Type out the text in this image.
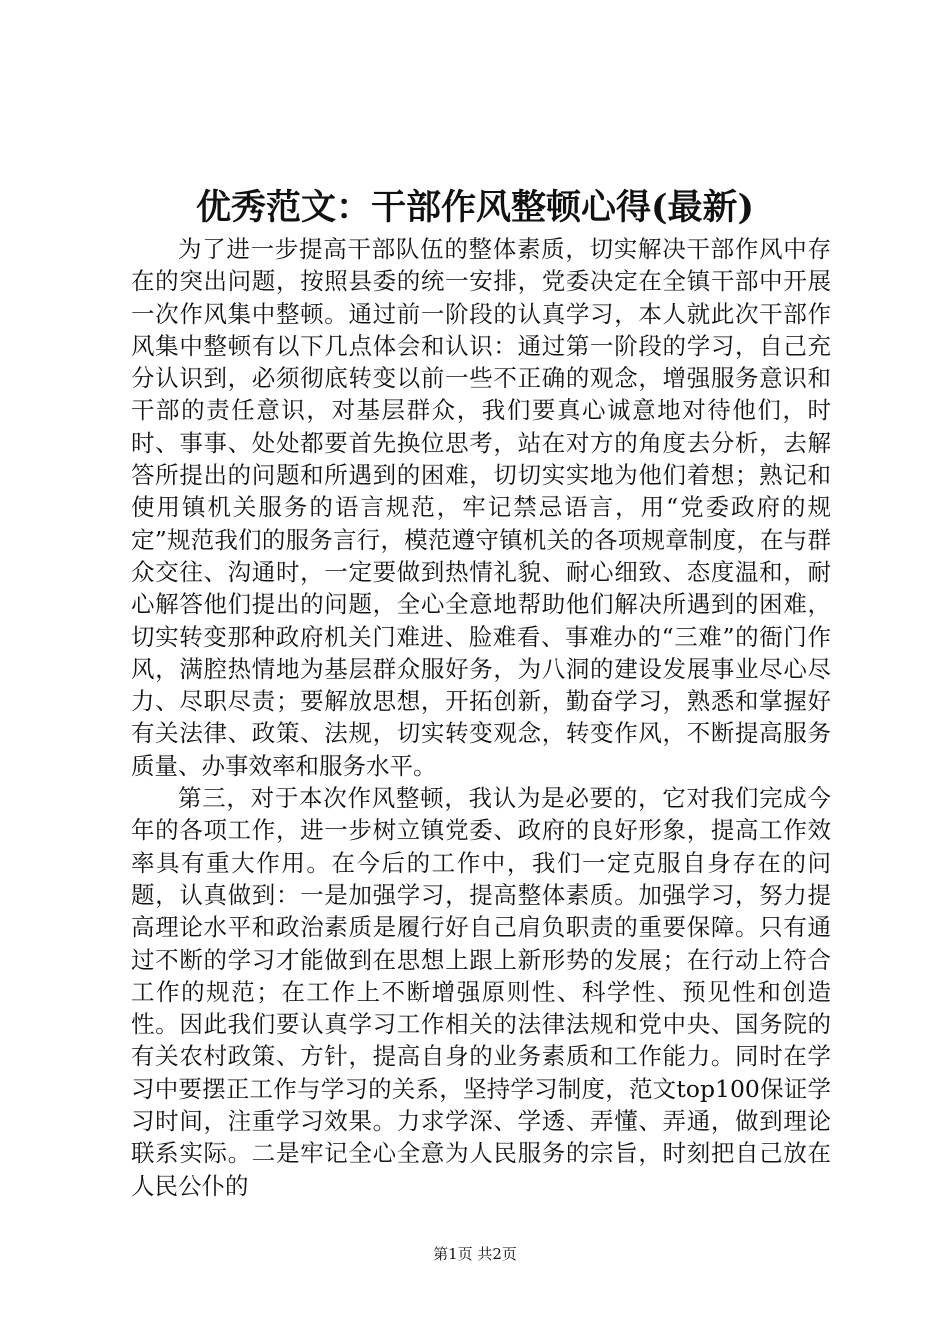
优秀范文：干部作风整顿心得(最新)

为了进一步提高干部队伍的整体素质，切实解决干部作风中存在的突出问题，按照县委的统一安排，党委决定在全镇干部中开展一次作风集中整顿。通过前一阶段的认真学习，本人就此次干部作风集中整顿有以下几点体会和认识：通过第一阶段的学习，自己充分认识到，必须彻底转变以前一些不正确的观念，增强服务意识和干部的责任意识，对基层群众，我们要真心诚意地对待他们，时时、事事、处处都要首先换位思考，站在对方的角度去分析，去解答所提出的问题和所遇到的困难，切切实实地为他们着想；熟记和使用镇机关服务的语言规范，牢记禁忌语言，用“党委政府的规定”规范我们的服务言行，模范遵守镇机关的各项规章制度，在与群众交往、沟通时，一定要做到热情礼貌、耐心细致、态度温和，耐心解答他们提出的问题，全心全意地帮助他们解决所遇到的困难，切实转变那种政府机关门难进、脸难看、事难办的“三难”的衙门作风，满腔热情地为基层群众服好务，为八洞的建设发展事业尽心尽力、尽职尽责；要解放思想，开拓创新，勤奋学习，熟悉和掌握好有关法律、政策、法规，切实转变观念，转变作风，不断提高服务质量、办事效率和服务水平。

第三，对于本次作风整顿，我认为是必要的，它对我们完成今年的各项工作，进一步树立镇党委、政府的良好形象，提高工作效率具有重大作用。在今后的工作中，我们一定克服自身存在的问题，认真做到：一是加强学习，提高整体素质。加强学习，努力提高理论水平和政治素质是履行好自己肩负职责的重要保障。只有通过不断的学习才能做到在思想上跟上新形势的发展；在行动上符合工作的规范；在工作上不断增强原则性、科学性、预见性和创造性。因此我们要认真学习工作相关的法律法规和党中央、国务院的有关农村政策、方针，提高自身的业务素质和工作能力。同时在学习中要摆正工作与学习的关系，坚持学习制度，范文top100保证学习时间，注重学习效果。力求学深、学透、弄懂、弄通，做到理论联系实际。二是牢记全心全意为人民服务的宗旨，时刻把自己放在人民公仆的

第1页 共2页
